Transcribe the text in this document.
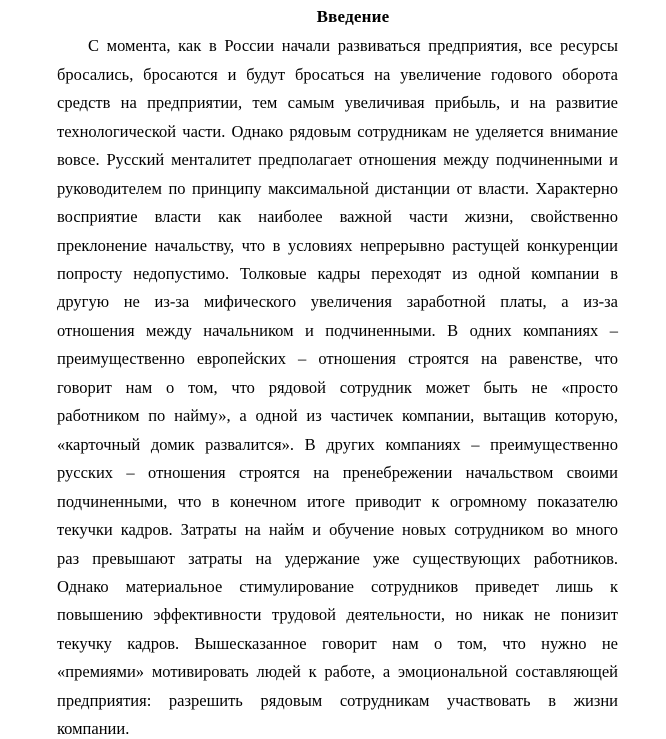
Введение
С момента, как в России начали развиваться предприятия, все ресурсы
бросались, бросаются и будут бросаться на увеличение годового оборота
средств на предприятии, тем самым увеличивая прибыль, и на развитие
технологической части. Однако рядовым сотрудникам не уделяется внимание
вовсе. Русский менталитет предполагает отношения между подчиненными и
руководителем по принципу максимальной дистанции от власти. Характерно
восприятие власти как наиболее важной части жизни, свойственно
преклонение начальству, что в условиях непрерывно растущей конкуренции
попросту недопустимо. Толковые кадры переходят из одной компании в
другую не из-за мифического увеличения заработной платы, а из-за
отношения между начальником и подчиненными. В одних компаниях –
преимущественно европейских – отношения строятся на равенстве, что
говорит нам о том, что рядовой сотрудник может быть не «просто
работником по найму», а одной из частичек компании, вытащив которую,
«карточный домик развалится». В других компаниях – преимущественно
русских – отношения строятся на пренебрежении начальством своими
подчиненными, что в конечном итоге приводит к огромному показателю
текучки кадров. Затраты на найм и обучение новых сотрудником во много
раз превышают затраты на удержание уже существующих работников.
Однако материальное стимулирование сотрудников приведет лишь к
повышению эффективности трудовой деятельности, но никак не понизит
текучку кадров. Вышесказанное говорит нам о том, что нужно не
«премиями» мотивировать людей к работе, а эмоциональной составляющей
предприятия: разрешить рядовым сотрудникам участвовать в жизни
компании.
